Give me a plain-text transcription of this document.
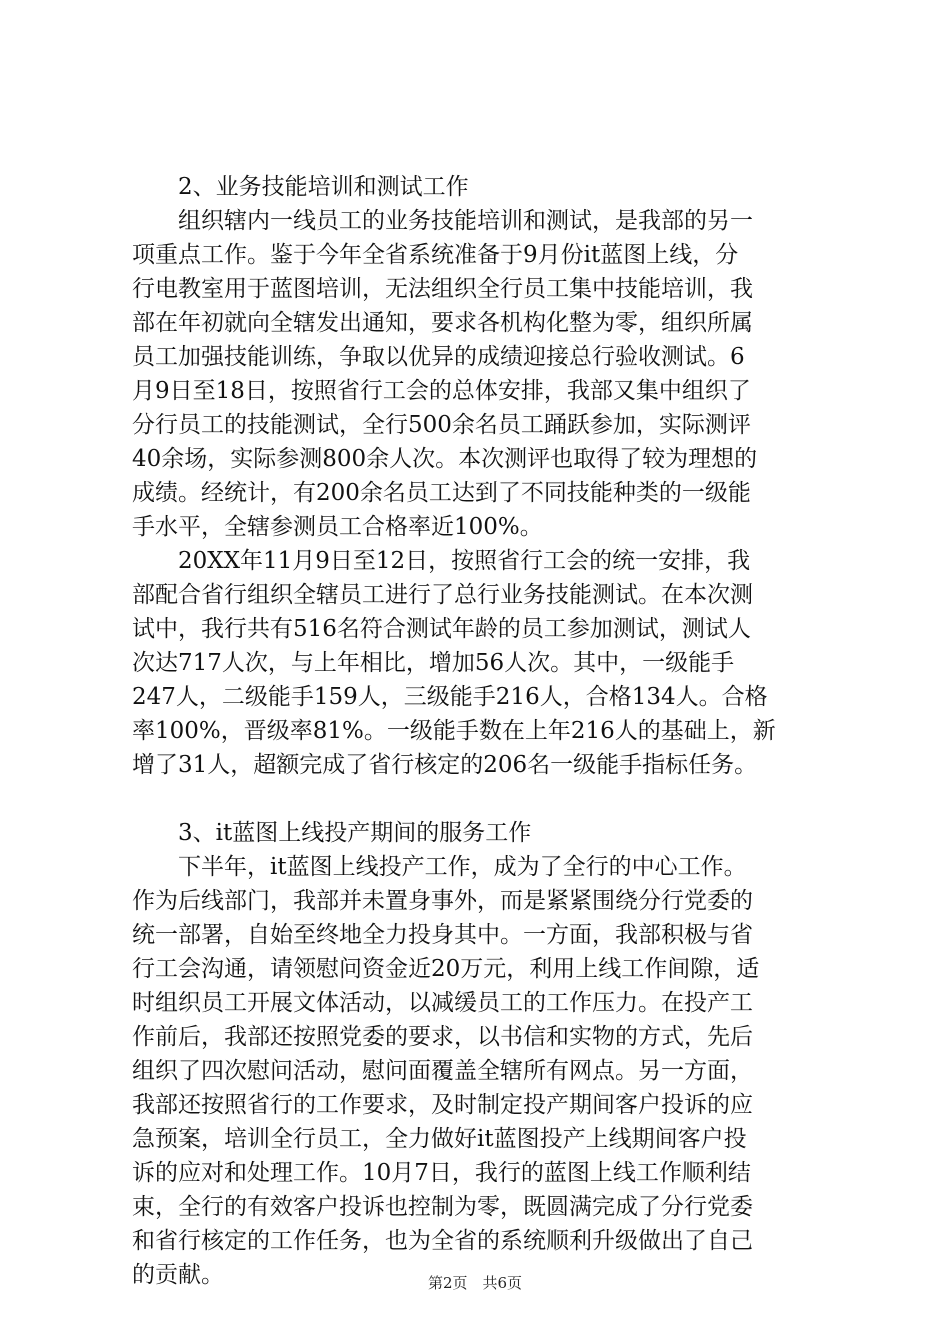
2、业务技能培训和测试工作
　　组织辖内一线员工的业务技能培训和测试，是我部的另一
项重点工作。鉴于今年全省系统准备于9月份it蓝图上线，分
行电教室用于蓝图培训，无法组织全行员工集中技能培训，我
部在年初就向全辖发出通知，要求各机构化整为零，组织所属
员工加强技能训练，争取以优异的成绩迎接总行验收测试。6
月9日至18日，按照省行工会的总体安排，我部又集中组织了
分行员工的技能测试，全行500余名员工踊跃参加，实际测评
40余场，实际参测800余人次。本次测评也取得了较为理想的
成绩。经统计，有200余名员工达到了不同技能种类的一级能
手水平，全辖参测员工合格率近100%。
　　20XX年11月9日至12日，按照省行工会的统一安排，我
部配合省行组织全辖员工进行了总行业务技能测试。在本次测
试中，我行共有516名符合测试年龄的员工参加测试，测试人
次达717人次，与上年相比，增加56人次。其中，一级能手
247人，二级能手159人，三级能手216人，合格134人。合格
率100%，晋级率81%。一级能手数在上年216人的基础上，新
增了31人，超额完成了省行核定的206名一级能手指标任务。
3、it蓝图上线投产期间的服务工作
　　下半年，it蓝图上线投产工作，成为了全行的中心工作。
作为后线部门，我部并未置身事外，而是紧紧围绕分行党委的
统一部署，自始至终地全力投身其中。一方面，我部积极与省
行工会沟通，请领慰问资金近20万元，利用上线工作间隙，适
时组织员工开展文体活动，以减缓员工的工作压力。在投产工
作前后，我部还按照党委的要求，以书信和实物的方式，先后
组织了四次慰问活动，慰问面覆盖全辖所有网点。另一方面，
我部还按照省行的工作要求，及时制定投产期间客户投诉的应
急预案，培训全行员工，全力做好it蓝图投产上线期间客户投
诉的应对和处理工作。10月7日，我行的蓝图上线工作顺利结
束，全行的有效客户投诉也控制为零，既圆满完成了分行党委
和省行核定的工作任务，也为全省的系统顺利升级做出了自己
的贡献。	第2页　共6页
